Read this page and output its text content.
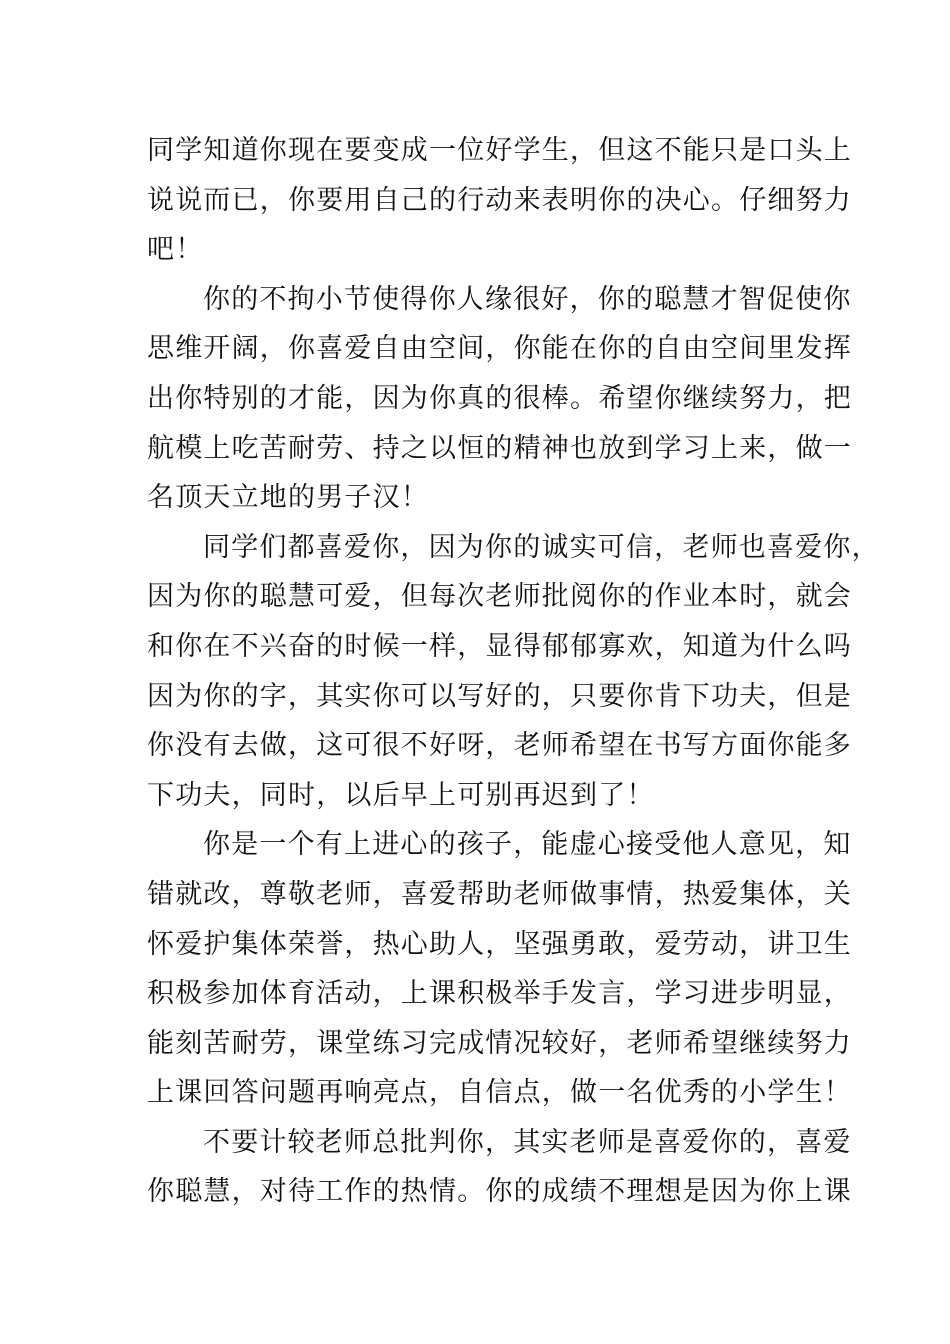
同学知道你现在要变成一位好学生，但这不能只是口头上
说说而已，你要用自己的行动来表明你的决心。仔细努力
吧！
你的不拘小节使得你人缘很好，你的聪慧才智促使你
思维开阔，你喜爱自由空间，你能在你的自由空间里发挥
出你特别的才能，因为你真的很棒。希望你继续努力，把
航模上吃苦耐劳、持之以恒的精神也放到学习上来，做一
名顶天立地的男子汉！
同学们都喜爱你，因为你的诚实可信，老师也喜爱你，
因为你的聪慧可爱，但每次老师批阅你的作业本时，就会
和你在不兴奋的时候一样，显得郁郁寡欢，知道为什么吗
因为你的字，其实你可以写好的，只要你肯下功夫，但是
你没有去做，这可很不好呀，老师希望在书写方面你能多
下功夫，同时，以后早上可别再迟到了！
你是一个有上进心的孩子，能虚心接受他人意见，知
错就改，尊敬老师，喜爱帮助老师做事情，热爱集体，关
怀爱护集体荣誉，热心助人，坚强勇敢，爱劳动，讲卫生
积极参加体育活动，上课积极举手发言，学习进步明显，
能刻苦耐劳，课堂练习完成情况较好，老师希望继续努力
上课回答问题再响亮点，自信点，做一名优秀的小学生！
不要计较老师总批判你，其实老师是喜爱你的，喜爱
你聪慧，对待工作的热情。你的成绩不理想是因为你上课
